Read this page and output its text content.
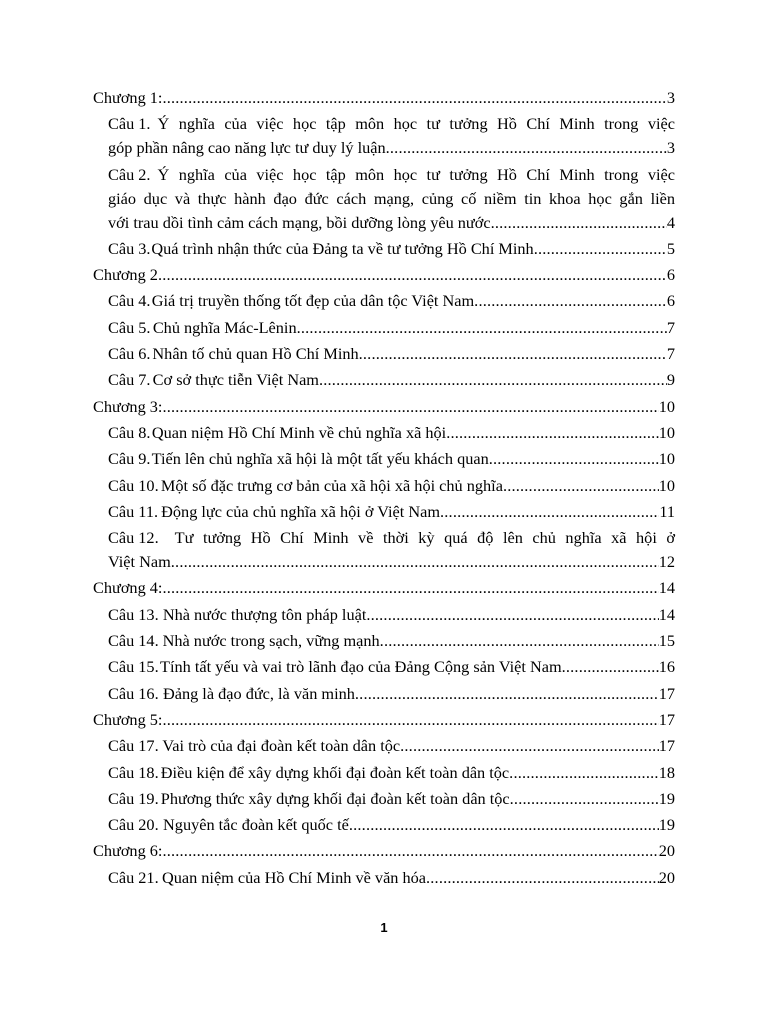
Chương 1: .....	3
Câu 1. Ý nghĩa của việc học tập môn học tư tưởng Hồ Chí Minh trong việc
góp phần nâng cao năng lực tư duy lý luận .....	3
Câu 2. Ý nghĩa của việc học tập môn học tư tưởng Hồ Chí Minh trong việc
giáo dục và thực hành đạo đức cách mạng, củng cố niềm tin khoa học gắn liền
với trau dồi tình cảm cách mạng, bồi dưỡng lòng yêu nước .....	4
Câu 3. Quá trình nhận thức của Đảng ta về tư tưởng Hồ Chí Minh .....	5
Chương 2 .....	6
Câu 4. Giá trị truyền thống tốt đẹp của dân tộc Việt Nam .....	6
Câu 5. Chủ nghĩa Mác-Lênin .....	7
Câu 6. Nhân tố chủ quan Hồ Chí Minh .....	7
Câu 7. Cơ sở thực tiễn Việt Nam .....	9
Chương 3: .....	10
Câu 8. Quan niệm Hồ Chí Minh về chủ nghĩa xã hội .....	10
Câu 9. Tiến lên chủ nghĩa xã hội là một tất yếu khách quan .....	10
Câu 10. Một số đặc trưng cơ bản của xã hội xã hội chủ nghĩa .....	10
Câu 11. Động lực của chủ nghĩa xã hội ở Việt Nam .....	11
Câu 12. Tư tưởng Hồ Chí Minh về thời kỳ quá độ lên chủ nghĩa xã hội ở
Việt Nam .....	12
Chương 4: .....	14
Câu 13. Nhà nước thượng tôn pháp luật .....	14
Câu 14. Nhà nước trong sạch, vững mạnh .....	15
Câu 15. Tính tất yếu và vai trò lãnh đạo của Đảng Cộng sản Việt Nam .....	16
Câu 16. Đảng là đạo đức, là văn minh .....	17
Chương 5: .....	17
Câu 17. Vai trò của đại đoàn kết toàn dân tộc .....	17
Câu 18. Điều kiện để xây dựng khối đại đoàn kết toàn dân tộc .....	18
Câu 19. Phương thức xây dựng khối đại đoàn kết toàn dân tộc .....	19
Câu 20. Nguyên tắc đoàn kết quốc tế .....	19
Chương 6: .....	20
Câu 21. Quan niệm của Hồ Chí Minh về văn hóa .....	20
1
